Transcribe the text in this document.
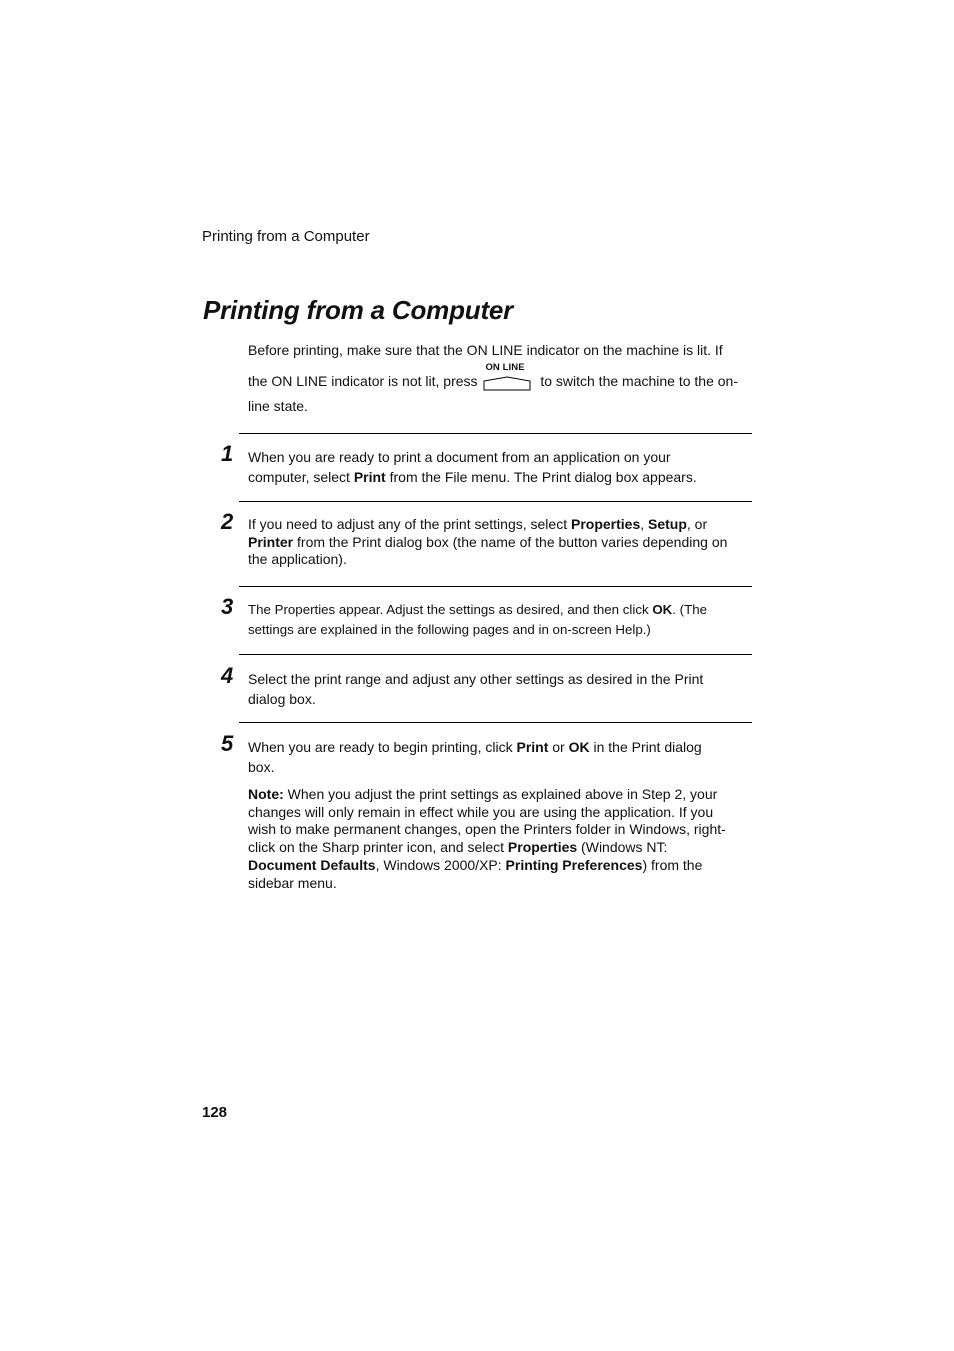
Printing from a Computer
Printing from a Computer
Before printing, make sure that the ON LINE indicator on the machine is lit. If
the ON LINE indicator is not lit, press
ON LINE
to switch the machine to the on-
line state.
1 When you are ready to print a document from an application on your
computer, select Print from the File menu. The Print dialog box appears.
2 If you need to adjust any of the print settings, select Properties, Setup, or
Printer from the Print dialog box (the name of the button varies depending on
the application).
3 The Properties appear. Adjust the settings as desired, and then click OK. (The
settings are explained in the following pages and in on-screen Help.)
4 Select the print range and adjust any other settings as desired in the Print
dialog box.
5 When you are ready to begin printing, click Print or OK in the Print dialog
box.
Note: When you adjust the print settings as explained above in Step 2, your
changes will only remain in effect while you are using the application. If you
wish to make permanent changes, open the Printers folder in Windows, right-
click on the Sharp printer icon, and select Properties (Windows NT:
Document Defaults, Windows 2000/XP: Printing Preferences) from the
sidebar menu.
128
